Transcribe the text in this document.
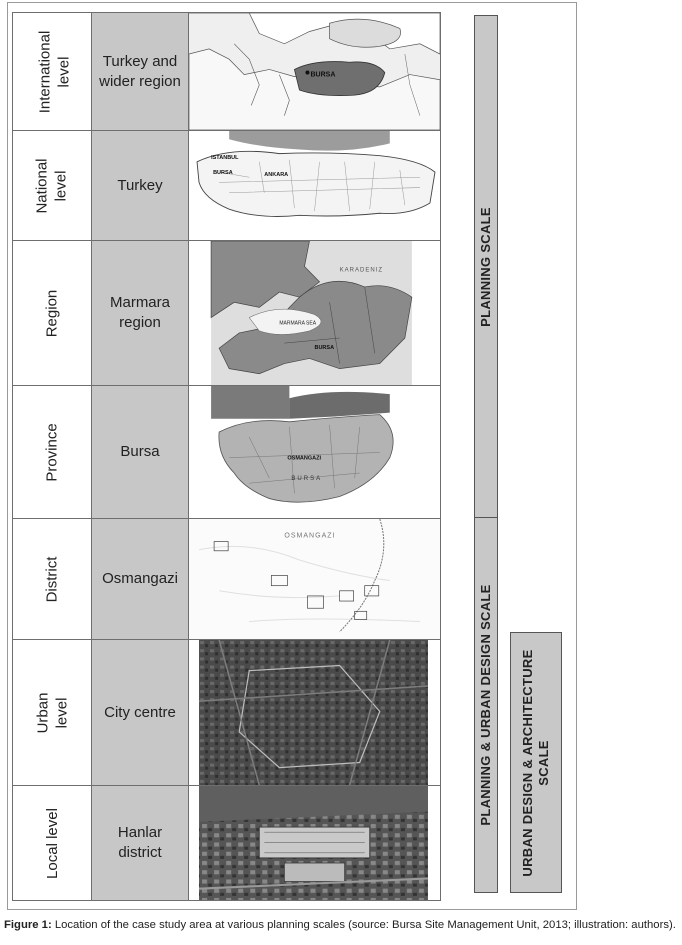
International level	Turkey and
wider region	BURSA

National level	Turkey	ISTANBUL
BURSA ANKARA

Region	Marmara
region	KARADENIZ
MARMARA SEA
BURSA

Province	Bursa	OSMANGAZI
BURSA

District	Osmangazi	OSMANGAZI

Urban level	City centre	

Local level	Hanlar
district	
PLANNING SCALE
PLANNING & URBAN DESIGN SCALE URBAN DESIGN & ARCHITECTURE
SCALE
Figure 1: Location of the case study area at various planning scales (source: Bursa Site Management Unit, 2013; illustration: authors).
